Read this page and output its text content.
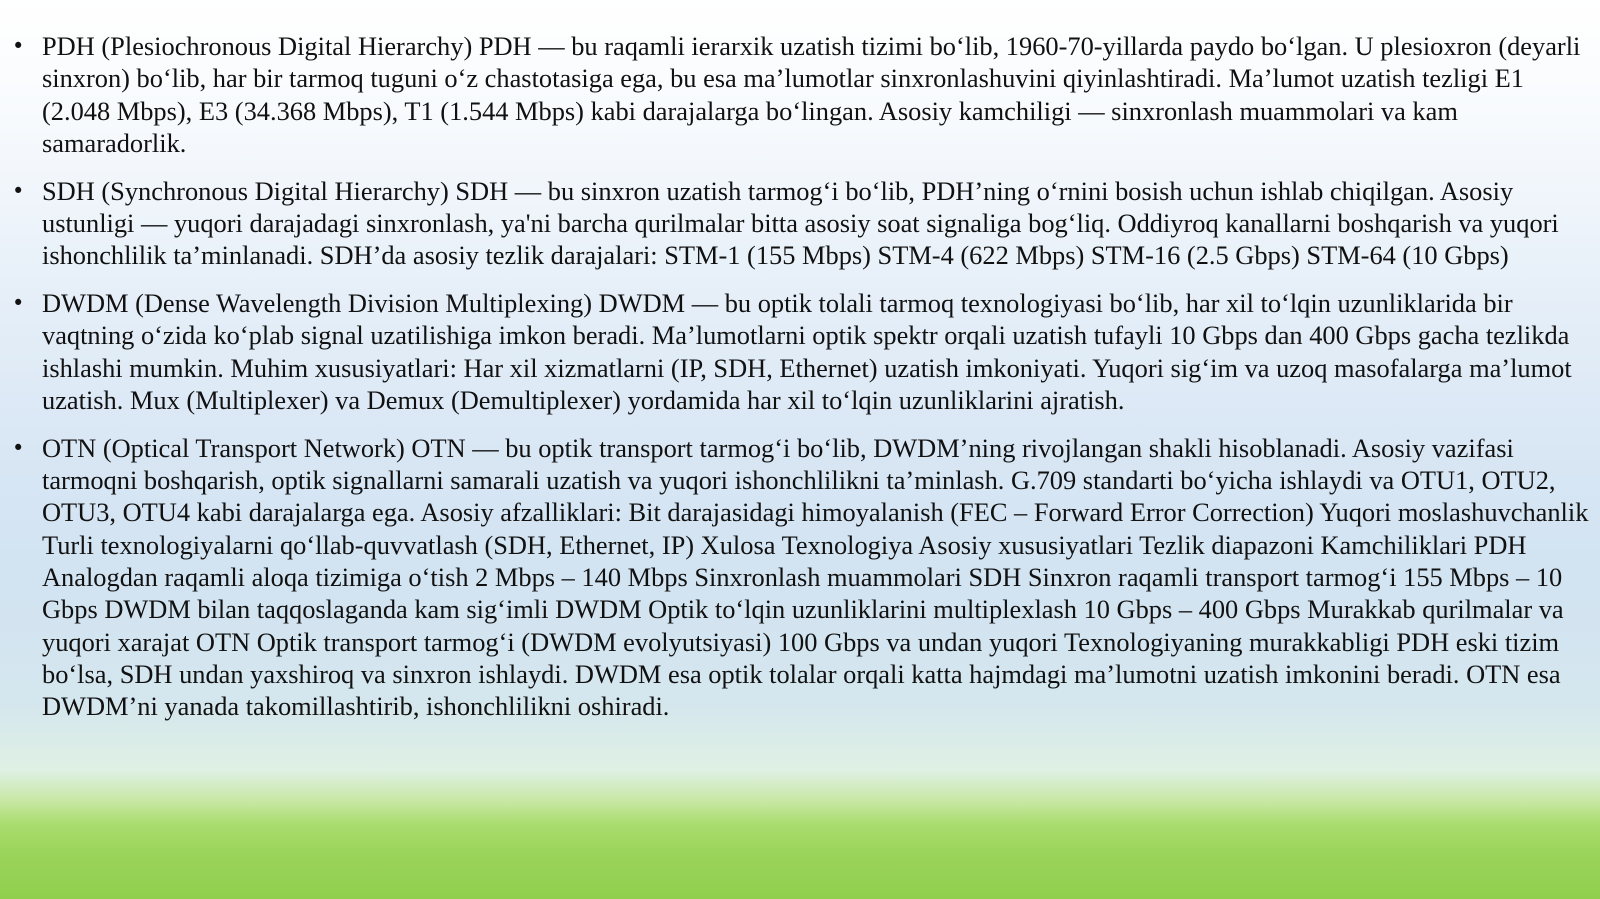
• PDH (Plesiochronous Digital Hierarchy) PDH — bu raqamli ierarxik uzatish tizimi bo‘lib, 1960-70-yillarda paydo bo‘lgan. U plesioxron (deyarli sinxron) bo‘lib, har bir tarmoq tuguni o‘z chastotasiga ega, bu esa ma’lumotlar sinxronlashuvini qiyinlashtiradi. Ma’lumot uzatish tezligi E1 (2.048 Mbps), E3 (34.368 Mbps), T1 (1.544 Mbps) kabi darajalarga bo‘lingan. Asosiy kamchiligi — sinxronlash muammolari va kam samaradorlik.
• SDH (Synchronous Digital Hierarchy) SDH — bu sinxron uzatish tarmog‘i bo‘lib, PDH’ning o‘rnini bosish uchun ishlab chiqilgan. Asosiy ustunligi — yuqori darajadagi sinxronlash, ya'ni barcha qurilmalar bitta asosiy soat signaliga bog‘liq. Oddiyroq kanallarni boshqarish va yuqori ishonchlilik ta’minlanadi. SDH’da asosiy tezlik darajalari: STM-1 (155 Mbps) STM-4 (622 Mbps) STM-16 (2.5 Gbps) STM-64 (10 Gbps)
• DWDM (Dense Wavelength Division Multiplexing) DWDM — bu optik tolali tarmoq texnologiyasi bo‘lib, har xil to‘lqin uzunliklarida bir vaqtning o‘zida ko‘plab signal uzatilishiga imkon beradi. Ma’lumotlarni optik spektr orqali uzatish tufayli 10 Gbps dan 400 Gbps gacha tezlikda ishlashi mumkin. Muhim xususiyatlari: Har xil xizmatlarni (IP, SDH, Ethernet) uzatish imkoniyati. Yuqori sig‘im va uzoq masofalarga ma’lumot uzatish. Mux (Multiplexer) va Demux (Demultiplexer) yordamida har xil to‘lqin uzunliklarini ajratish.
• OTN (Optical Transport Network) OTN — bu optik transport tarmog‘i bo‘lib, DWDM’ning rivojlangan shakli hisoblanadi. Asosiy vazifasi tarmoqni boshqarish, optik signallarni samarali uzatish va yuqori ishonchlilikni ta’minlash. G.709 standarti bo‘yicha ishlaydi va OTU1, OTU2, OTU3, OTU4 kabi darajalarga ega. Asosiy afzalliklari: Bit darajasidagi himoyalanish (FEC – Forward Error Correction) Yuqori moslashuvchanlik Turli texnologiyalarni qo‘llab-quvvatlash (SDH, Ethernet, IP) Xulosa Texnologiya Asosiy xususiyatlari Tezlik diapazoni Kamchiliklari PDH Analogdan raqamli aloqa tizimiga o‘tish 2 Mbps – 140 Mbps Sinxronlash muammolari SDH Sinxron raqamli transport tarmog‘i 155 Mbps – 10 Gbps DWDM bilan taqqoslaganda kam sig‘imli DWDM Optik to‘lqin uzunliklarini multiplexlash 10 Gbps – 400 Gbps Murakkab qurilmalar va yuqori xarajat OTN Optik transport tarmog‘i (DWDM evolyutsiyasi) 100 Gbps va undan yuqori Texnologiyaning murakkabligi PDH eski tizim bo‘lsa, SDH undan yaxshiroq va sinxron ishlaydi. DWDM esa optik tolalar orqali katta hajmdagi ma’lumotni uzatish imkonini beradi. OTN esa DWDM’ni yanada takomillashtirib, ishonchlilikni oshiradi.
